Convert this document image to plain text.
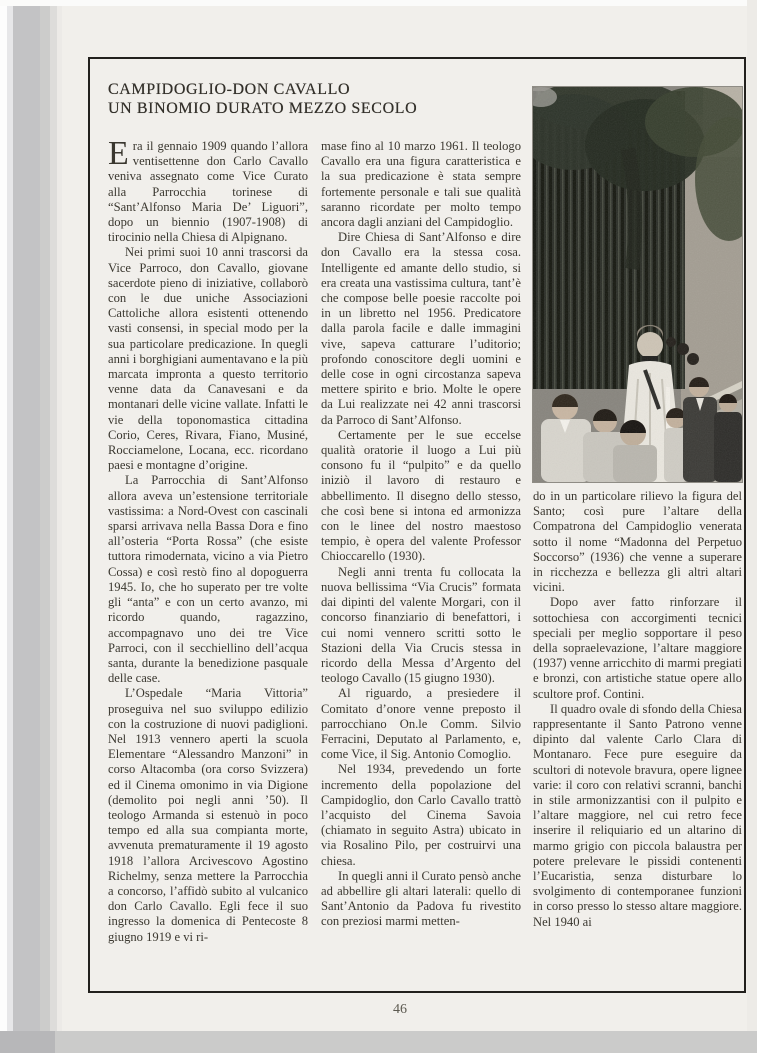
CAMPIDOGLIO-DON CAVALLO
UN BINOMIO DURATO MEZZO SECOLO

Era il gennaio 1909 quando l’allora ventisettenne don Carlo Cavallo veniva assegnato come Vice Curato alla Parrocchia torinese di “Sant’Alfonso Maria De’ Liguori”, dopo un biennio (1907-1908) di tirocinio nella Chiesa di Alpignano.

Nei primi suoi 10 anni trascorsi da Vice Parroco, don Cavallo, giovane sacerdote pieno di iniziative, collaborò con le due uniche Associazioni Cattoliche allora esistenti ottenendo vasti consensi, in special modo per la sua particolare predicazione. In quegli anni i borghigiani aumentavano e la più marcata impronta a questo territorio venne data da Canavesani e da montanari delle vicine vallate. Infatti le vie della toponomastica cittadina Corio, Ceres, Rivara, Fiano, Musiné, Rocciamelone, Locana, ecc. ricordano paesi e montagne d’origine.

La Parrocchia di Sant’Alfonso allora aveva un’estensione territoriale vastissima: a Nord-Ovest con cascinali sparsi arrivava nella Bassa Dora e fino all’osteria “Porta Rossa” (che esiste tuttora rimodernata, vicino a via Pietro Cossa) e così restò fino al dopoguerra 1945. Io, che ho superato per tre volte gli “anta” e con un certo avanzo, mi ricordo quando, ragazzino, accompagnavo uno dei tre Vice Parroci, con il secchiellino dell’acqua santa, durante la benedizione pasquale delle case.

L’Ospedale “Maria Vittoria” proseguiva nel suo sviluppo edilizio con la costruzione di nuovi padiglioni. Nel 1913 vennero aperti la scuola Elementare “Alessandro Manzoni” in corso Altacomba (ora corso Svizzera) ed il Cinema omonimo in via Digione (demolito poi negli anni ’50). Il teologo Armanda si estenuò in poco tempo ed alla sua compianta morte, avvenuta prematuramente il 19 agosto 1918 l’allora Arcivescovo Agostino Richelmy, senza mettere la Parrocchia a concorso, l’affidò subito al vulcanico don Carlo Cavallo. Egli fece il suo ingresso la domenica di Pentecoste 8 giugno 1919 e vi ri-

mase fino al 10 marzo 1961. Il teologo Cavallo era una figura caratteristica e la sua predicazione è stata sempre fortemente personale e tali sue qualità saranno ricordate per molto tempo ancora dagli anziani del Campidoglio.

Dire Chiesa di Sant’Alfonso e dire don Cavallo era la stessa cosa. Intelligente ed amante dello studio, si era creata una vastissima cultura, tant’è che compose belle poesie raccolte poi in un libretto nel 1956. Predicatore dalla parola facile e dalle immagini vive, sapeva catturare l’uditorio; profondo conoscitore degli uomini e delle cose in ogni circostanza sapeva mettere spirito e brio. Molte le opere da Lui realizzate nei 42 anni trascorsi da Parroco di Sant’Alfonso.

Certamente per le sue eccelse qualità oratorie il luogo a Lui più consono fu il “pulpito” e da quello iniziò il lavoro di restauro e abbellimento. Il disegno dello stesso, che così bene si intona ed armonizza con le linee del nostro maestoso tempio, è opera del valente Professor Chioccarello (1930).

Negli anni trenta fu collocata la nuova bellissima “Via Crucis” formata dai dipinti del valente Morgari, con il concorso finanziario di benefattori, i cui nomi vennero scritti sotto le Stazioni della Via Crucis stessa in ricordo della Messa d’Argento del teologo Cavallo (15 giugno 1930).

Al riguardo, a presiedere il Comitato d’onore venne preposto il parrocchiano On.le Comm. Silvio Ferracini, Deputato al Parlamento, e, come Vice, il Sig. Antonio Comoglio.

Nel 1934, prevedendo un forte incremento della popolazione del Campidoglio, don Carlo Cavallo trattò l’acquisto del Cinema Savoia (chiamato in seguito Astra) ubicato in via Rosalino Pilo, per costruirvi una chiesa.

In quegli anni il Curato pensò anche ad abbellire gli altari laterali: quello di Sant’Antonio da Padova fu rivestito con preziosi marmi metten-

do in un particolare rilievo la figura del Santo; così pure l’altare della Compatrona del Campidoglio venerata sotto il nome “Madonna del Perpetuo Soccorso” (1936) che venne a superare in ricchezza e bellezza gli altri altari vicini.

Dopo aver fatto rinforzare il sottochiesa con accorgimenti tecnici speciali per meglio sopportare il peso della sopraelevazione, l’altare maggiore (1937) venne arricchito di marmi pregiati e bronzi, con artistiche statue opere allo scultore prof. Contini.

Il quadro ovale di sfondo della Chiesa rappresentante il Santo Patrono venne dipinto dal valente Carlo Clara di Montanaro. Fece pure eseguire da scultori di notevole bravura, opere lignee varie: il coro con relativi scranni, banchi in stile armonizzantisi con il pulpito e l’altare maggiore, nel cui retro fece inserire il reliquiario ed un altarino di marmo grigio con piccola balaustra per potere prelevare le pissidi contenenti l’Eucaristia, senza disturbare lo svolgimento di contemporanee funzioni in corso presso lo stesso altare maggiore. Nel 1940 ai

46
